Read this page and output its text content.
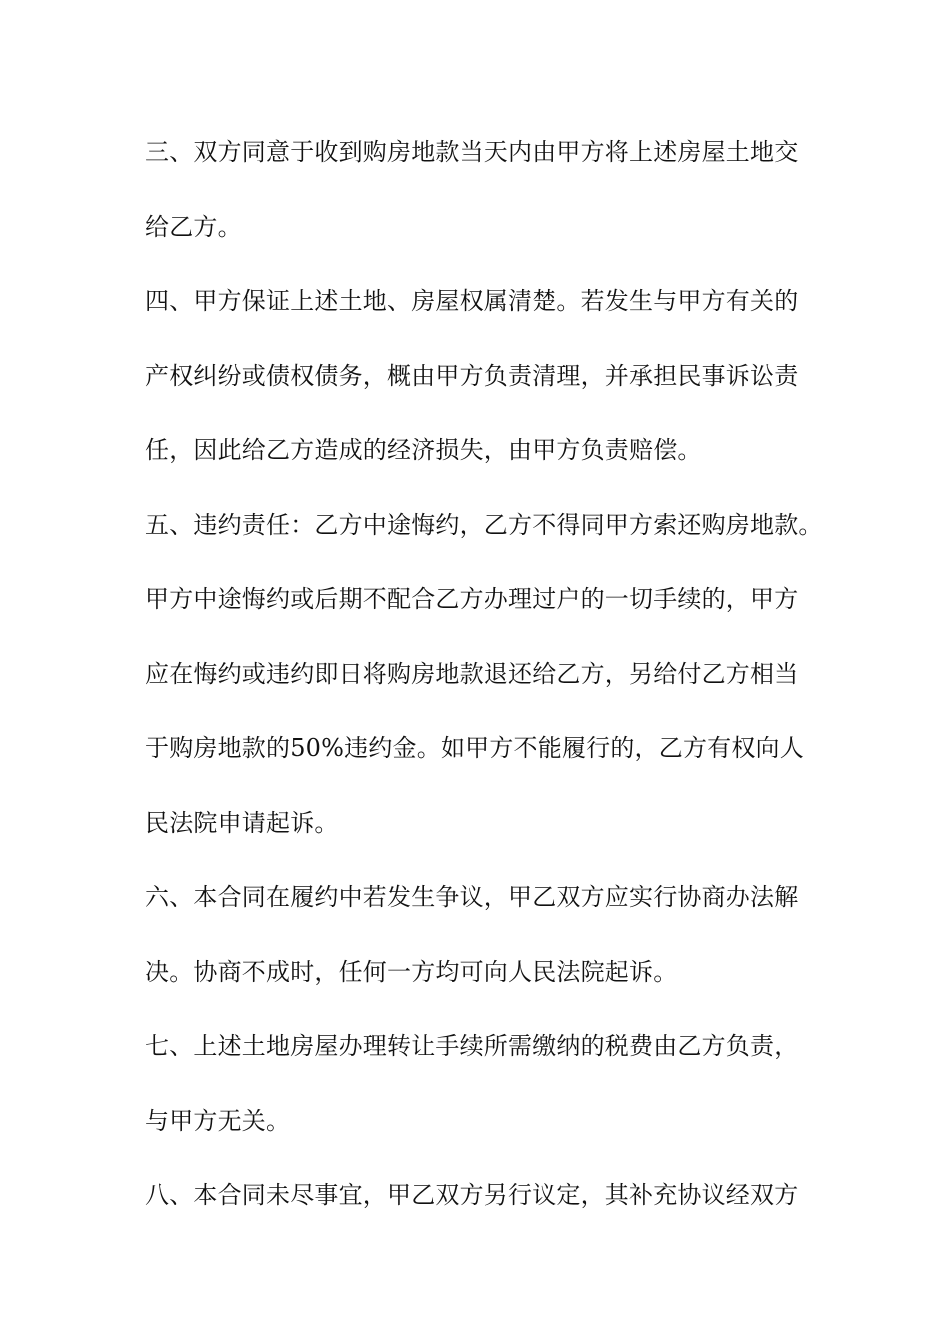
三、双方同意于收到购房地款当天内由甲方将上述房屋土地交
给乙方。
四、甲方保证上述土地、房屋权属清楚。若发生与甲方有关的
产权纠纷或债权债务，概由甲方负责清理，并承担民事诉讼责
任，因此给乙方造成的经济损失，由甲方负责赔偿。
五、违约责任：乙方中途悔约，乙方不得同甲方索还购房地款。
甲方中途悔约或后期不配合乙方办理过户的一切手续的，甲方
应在悔约或违约即日将购房地款退还给乙方，另给付乙方相当
于购房地款的50%违约金。如甲方不能履行的，乙方有权向人
民法院申请起诉。
六、本合同在履约中若发生争议，甲乙双方应实行协商办法解
决。协商不成时，任何一方均可向人民法院起诉。
七、上述土地房屋办理转让手续所需缴纳的税费由乙方负责，
与甲方无关。
八、本合同未尽事宜，甲乙双方另行议定，其补充协议经双方
